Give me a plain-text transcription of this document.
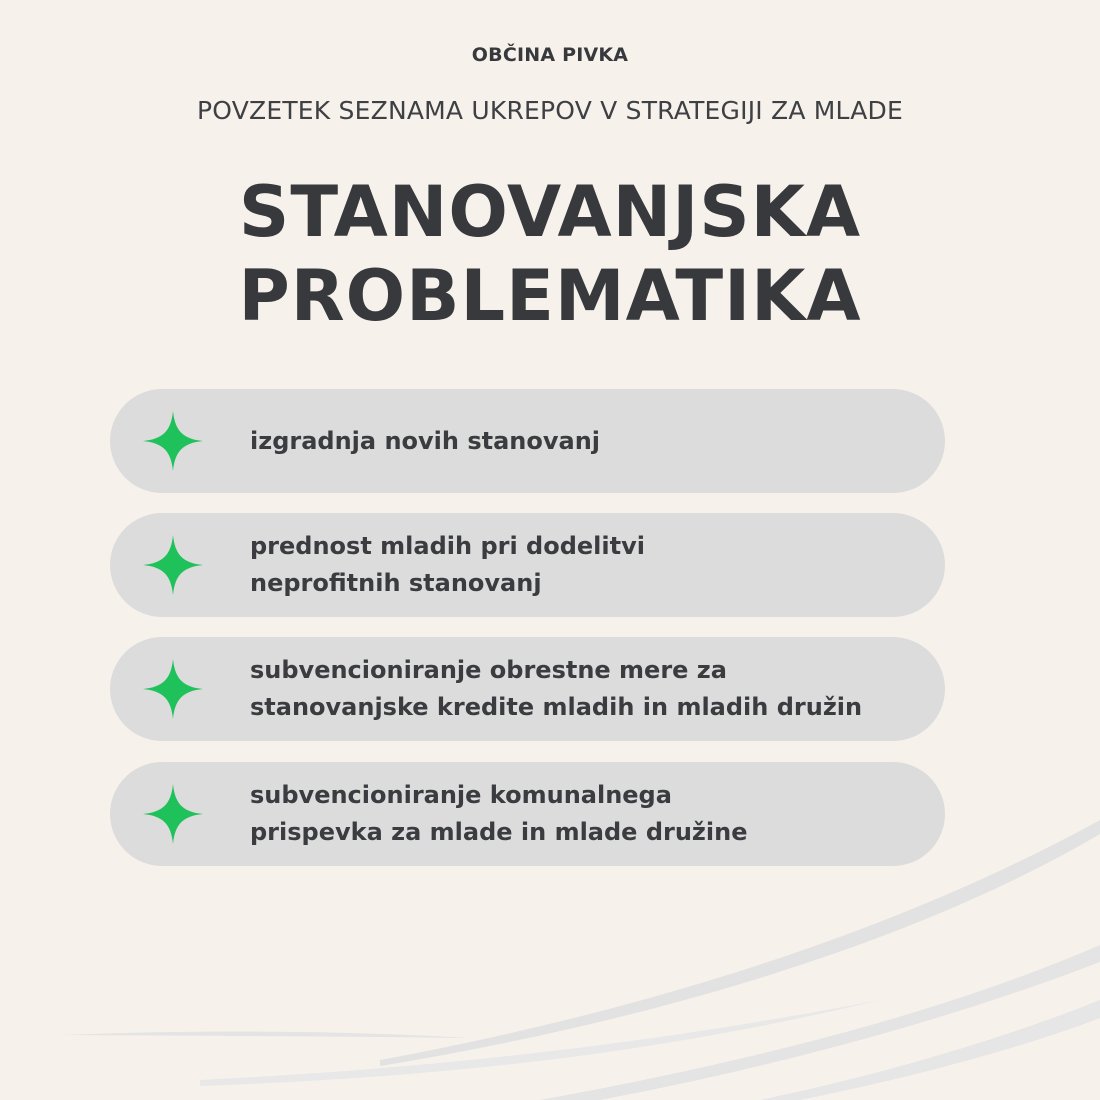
OBČINA PIVKA
POVZETEK SEZNAMA UKREPOV V STRATEGIJI ZA MLADE
STANOVANJSKA
PROBLEMATIKA
izgradnja novih stanovanj
prednost mladih pri dodelitvi
neprofitnih stanovanj
subvencioniranje obrestne mere za
stanovanjske kredite mladih in mladih družin
subvencioniranje komunalnega
prispevka za mlade in mlade družine
